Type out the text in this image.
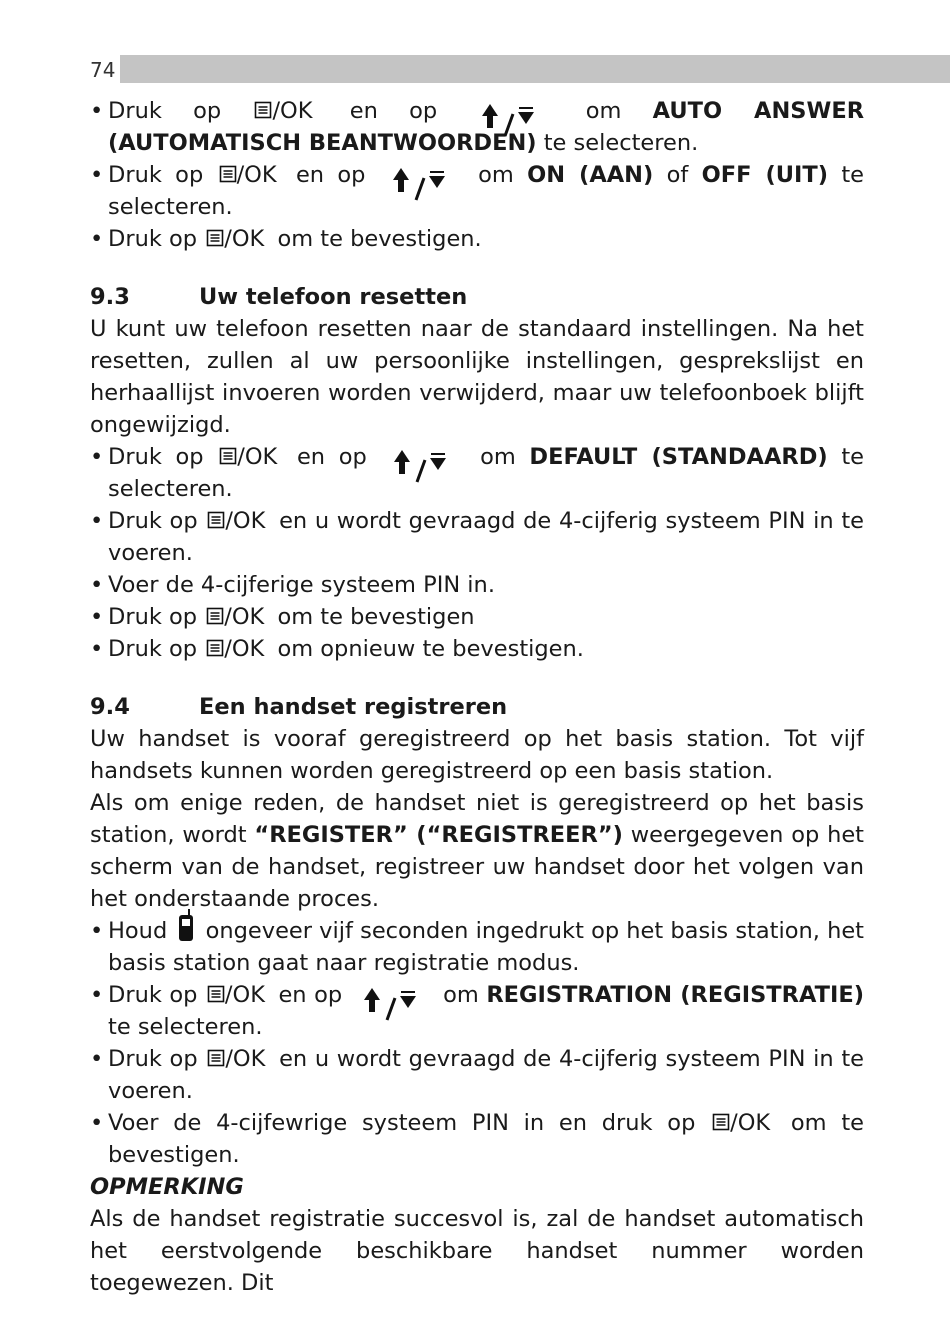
74
• Druk op /OK en op	om AUTO ANSWER (AUTOMATISCH BEANTWOORDEN) te selecteren.
• Druk op /OK en op	om ON (AAN) of OFF (UIT) te selecteren.
• Druk op /OK om te bevestigen.
9.3	Uw telefoon resetten
U kunt uw telefoon resetten naar de standaard instellingen. Na het resetten, zullen al uw persoonlijke instellingen, gesprekslijst en herhaallijst invoeren worden verwijderd, maar uw telefoonboek blijft ongewijzigd.
• Druk op /OK en op	om DEFAULT (STANDAARD) te selecteren.
• Druk op /OK en u wordt gevraagd de 4-cijferig systeem PIN in te voeren.
• Voer de 4-cijferige systeem PIN in.
• Druk op /OK om te bevestigen
• Druk op /OK om opnieuw te bevestigen.
9.4	Een handset registreren
Uw handset is vooraf geregistreerd op het basis station. Tot vijf handsets kunnen worden geregistreerd op een basis station.
Als om enige reden, de handset niet is geregistreerd op het basis station, wordt “REGISTER” (“REGISTREER”) weergegeven op het scherm van de handset, registreer uw handset door het volgen van het onderstaande proces.
• Houd ongeveer vijf seconden ingedrukt op het basis station, het basis station gaat naar registratie modus.
• Druk op /OK en op	om REGISTRATION (REGISTRATIE) te selecteren.
• Druk op /OK en u wordt gevraagd de 4-cijferig systeem PIN in te voeren.
• Voer de 4-cijfewrige systeem PIN in en druk op /OK om te bevestigen.
OPMERKING
Als de handset registratie succesvol is, zal de handset automatisch het eerstvolgende beschikbare handset nummer worden toegewezen. Dit
